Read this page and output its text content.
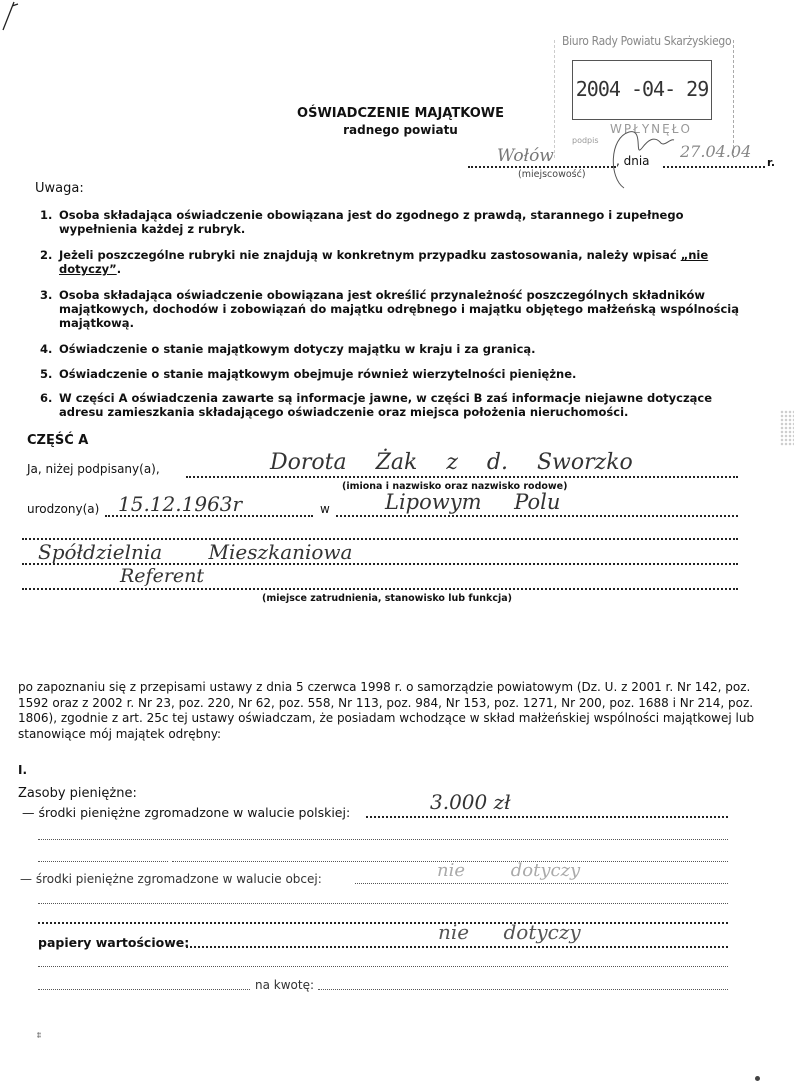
Biuro Rady Powiatu Skarżyskiego
2004 -04- 29
WPŁYNĘŁO
podpis
OŚWIADCZENIE MAJĄTKOWE
radnego powiatu
Wołów	, dnia 27.04.04
r.
(miejscowość)
Uwaga:
1. Osoba składająca oświadczenie obowiązana jest do zgodnego z prawdą, starannego i zupełnego wypełnienia każdej z rubryk.
2. Jeżeli poszczególne rubryki nie znajdują w konkretnym przypadku zastosowania, należy wpisać „nie dotyczy”.
3. Osoba składająca oświadczenie obowiązana jest określić przynależność poszczególnych składników majątkowych, dochodów i zobowiązań do majątku odrębnego i majątku objętego małżeńską wspólnością majątkową.
4. Oświadczenie o stanie majątkowym dotyczy majątku w kraju i za granicą.
5. Oświadczenie o stanie majątkowym obejmuje również wierzytelności pieniężne.
6. W części A oświadczenia zawarte są informacje jawne, w części B zaś informacje niejawne dotyczące adresu zamieszkania składającego oświadczenie oraz miejsca położenia nieruchomości.
CZĘŚĆ A
Ja, niżej podpisany(a),	Dorota Żak z d. Sworzko
(imiona i nazwisko oraz nazwisko rodowe)
urodzony(a) 15.12.1963r	w	Lipowym Polu
Spółdzielnia Mieszkaniowa
Referent
(miejsce zatrudnienia, stanowisko lub funkcja)
po zapoznaniu się z przepisami ustawy z dnia 5 czerwca 1998 r. o samorządzie powiatowym (Dz. U. z 2001 r. Nr 142, poz. 1592 oraz z 2002 r. Nr 23, poz. 220, Nr 62, poz. 558, Nr 113, poz. 984, Nr 153, poz. 1271, Nr 200, poz. 1688 i Nr 214, poz. 1806), zgodnie z art. 25c tej ustawy oświadczam, że posiadam wchodzące w skład małżeńskiej wspólności majątkowej lub stanowiące mój majątek odrębny:
I.
Zasoby pieniężne:
— środki pieniężne zgromadzone w walucie polskiej:	3.000 zł
— środki pieniężne zgromadzone w walucie obcej:	nie dotyczy
papiery wartościowe:	nie dotyczy
na kwotę:
